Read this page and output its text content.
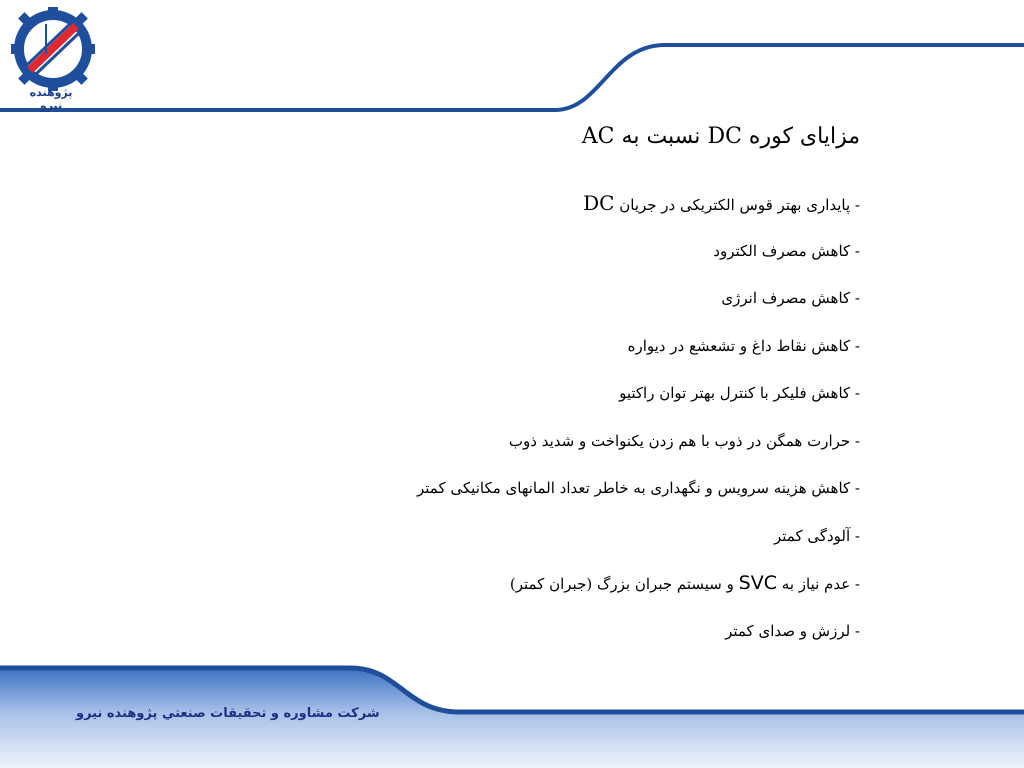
پژوهنده نیرو
مزایای کوره DC نسبت به AC
- پایداری بهتر قوس الکتریکی در جریان DC
- کاهش مصرف الکترود
- کاهش مصرف انرژی
- کاهش نقاط داغ و تشعشع در دیواره
- کاهش فلیکر با کنترل بهتر توان راکتیو
- حرارت همگن در ذوب با هم زدن یکنواخت و شدید ذوب
- کاهش هزینه سرویس و نگهداری به خاطر تعداد المانهای مکانیکی کمتر
- آلودگی کمتر
- عدم نیاز به SVC و سیستم جبران بزرگ (جبران کمتر)
- لرزش و صدای کمتر
شرکت مشاوره و تحقیقات صنعتي پژوهنده نيرو
